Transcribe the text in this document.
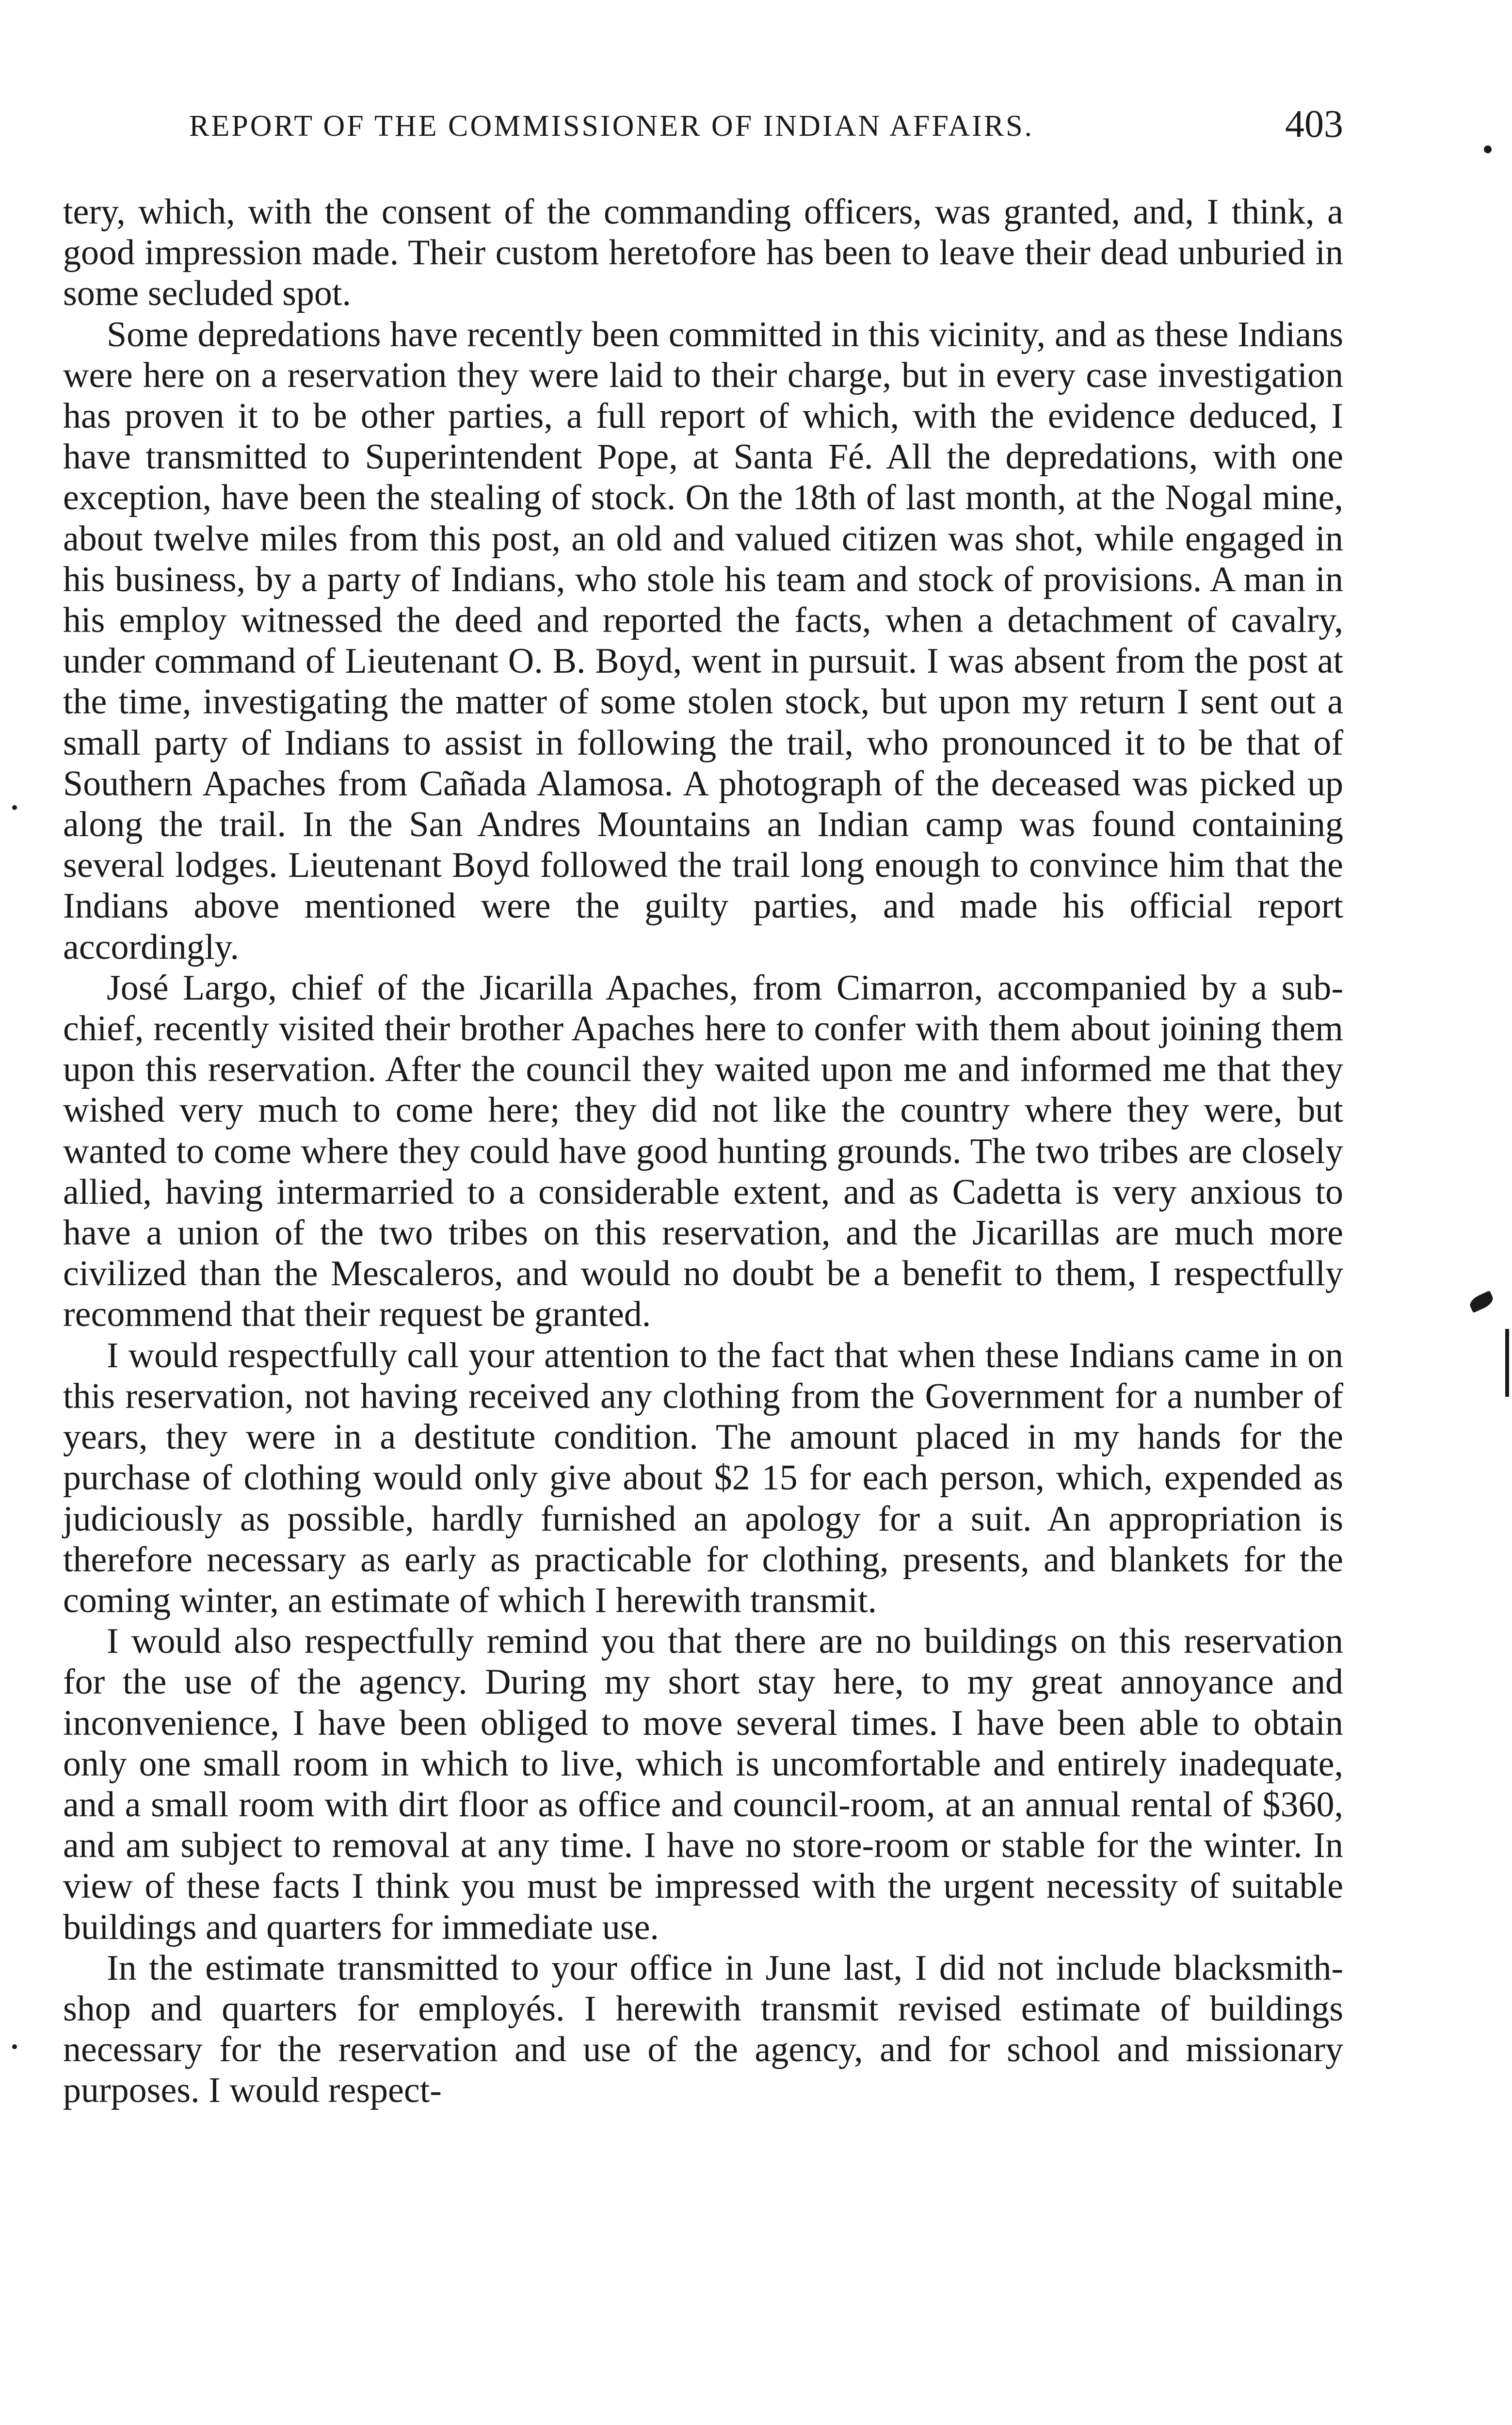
REPORT OF THE COMMISSIONER OF INDIAN AFFAIRS.	403

tery, which, with the consent of the commanding officers, was granted, and, I think, a good impression made. Their custom heretofore has been to leave their dead unburied in some secluded spot.

Some depredations have recently been committed in this vicinity, and as these Indians were here on a reservation they were laid to their charge, but in every case investigation has proven it to be other parties, a full report of which, with the evidence deduced, I have transmitted to Superintendent Pope, at Santa Fé. All the depredations, with one exception, have been the stealing of stock. On the 18th of last month, at the Nogal mine, about twelve miles from this post, an old and valued citizen was shot, while engaged in his business, by a party of Indians, who stole his team and stock of provisions. A man in his employ witnessed the deed and reported the facts, when a detachment of cavalry, under command of Lieutenant O. B. Boyd, went in pursuit. I was absent from the post at the time, investigating the matter of some stolen stock, but upon my return I sent out a small party of Indians to assist in following the trail, who pronounced it to be that of Southern Apaches from Cañada Alamosa. A photograph of the deceased was picked up along the trail. In the San Andres Mountains an Indian camp was found containing several lodges. Lieutenant Boyd followed the trail long enough to convince him that the Indians above mentioned were the guilty parties, and made his official report accordingly.

José Largo, chief of the Jicarilla Apaches, from Cimarron, accompanied by a sub-chief, recently visited their brother Apaches here to confer with them about joining them upon this reservation. After the council they waited upon me and informed me that they wished very much to come here; they did not like the country where they were, but wanted to come where they could have good hunting grounds. The two tribes are closely allied, having intermarried to a considerable extent, and as Cadetta is very anxious to have a union of the two tribes on this reservation, and the Jicarillas are much more civilized than the Mescaleros, and would no doubt be a benefit to them, I respectfully recommend that their request be granted.

I would respectfully call your attention to the fact that when these Indians came in on this reservation, not having received any clothing from the Government for a number of years, they were in a destitute condition. The amount placed in my hands for the purchase of clothing would only give about $2 15 for each person, which, expended as judiciously as possible, hardly furnished an apology for a suit. An appropriation is therefore necessary as early as practicable for clothing, presents, and blankets for the coming winter, an estimate of which I herewith transmit.

I would also respectfully remind you that there are no buildings on this reservation for the use of the agency. During my short stay here, to my great annoyance and inconvenience, I have been obliged to move several times. I have been able to obtain only one small room in which to live, which is uncomfortable and entirely inadequate, and a small room with dirt floor as office and council-room, at an annual rental of $360, and am subject to removal at any time. I have no store-room or stable for the winter. In view of these facts I think you must be impressed with the urgent necessity of suitable buildings and quarters for immediate use.

In the estimate transmitted to your office in June last, I did not include blacksmith-shop and quarters for employés. I herewith transmit revised estimate of buildings necessary for the reservation and use of the agency, and for school and missionary purposes. I would respect-
